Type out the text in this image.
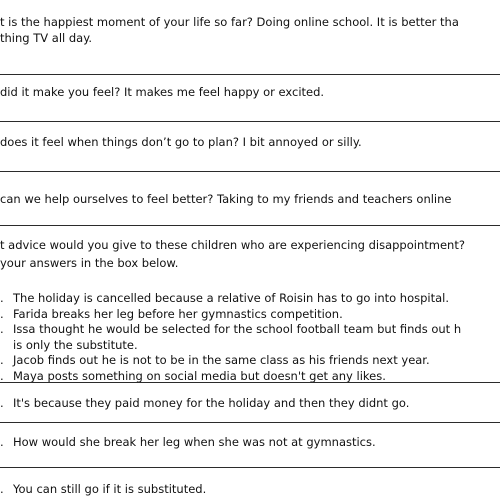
t is the happiest moment of your life so far? Doing online school. It is better tha
thing TV all day.
did it make you feel? It makes me feel happy or excited.
does it feel when things don’t go to plan? I bit annoyed or silly.
can we help ourselves to feel better? Taking to my friends and teachers online
t advice would you give to these children who are experiencing disappointment?
your answers in the box below.
. The holiday is cancelled because a relative of Roisin has to go into hospital.
. Farida breaks her leg before her gymnastics competition.
. Issa thought he would be selected for the school football team but finds out h
is only the substitute.
. Jacob finds out he is not to be in the same class as his friends next year.
. Maya posts something on social media but doesn't get any likes.
. It's because they paid money for the holiday and then they didnt go.
. How would she break her leg when she was not at gymnastics.
. You can still go if it is substituted.
